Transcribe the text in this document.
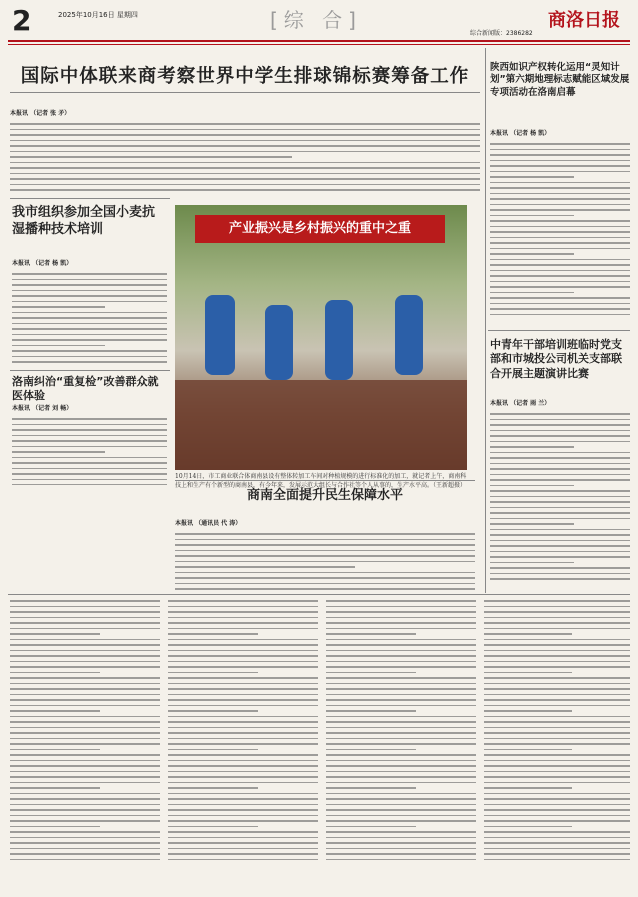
2	2025年10月16日 星期四	[综 合]	商洛日报
综合新闻版：2386282
国际中体联来商考察世界中学生排球锦标赛筹备工作
本报讯 （记者 张 矛）
我市组织参加全国小麦抗湿播种技术培训
本报讯 （记者 杨 凯）
洛南纠治“重复检”改善群众就医体验
本报讯 （记者 刘 畅）
产业振兴是乡村振兴的重中之重
10月14日，市工商业联合体商南县设有整体转加工车间对种植规模的进行标准化的加工，就记者上午，商南科技上和生产有个新型的商南县，有今年来，发展示范大组长与合作社等个人从事的，生产水平高。（王新超摄）
商南全面提升民生保障水平
本报讯 （通讯员 代 涛）
陕西如识产权转化运用“灵知计划”第六期地理标志赋能区域发展专项活动在洛南启幕
本报讯 （记者 杨 凯）
中青年干部培训班临时党支部和市城投公司机关支部联合开展主题演讲比赛
本报讯 （记者 雨 兰）
